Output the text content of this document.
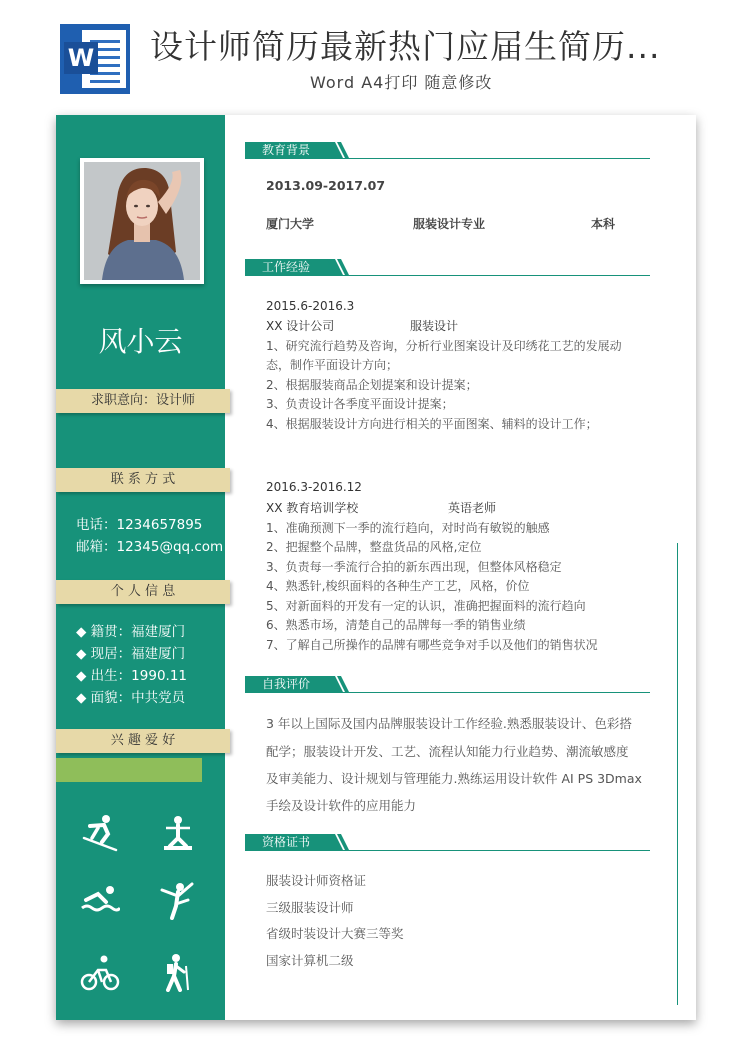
W 设计师简历最新热门应届生简历...
Word A4打印 随意修改
风小云
求职意向：设计师
联 系 方 式
电话：1234657895
邮箱：12345@qq.com
个 人 信 息
◆ 籍贯：福建厦门
◆ 现居：福建厦门
◆ 出生：1990.11
◆ 面貌：中共党员
兴 趣 爱 好
教育背景
2013.09-2017.07
厦门大学	服装设计专业	本科
工作经验
2015.6-2016.3
XX 设计公司	服装设计
1、研究流行趋势及咨询，分析行业图案设计及印绣花工艺的发展动
态，制作平面设计方向；
2、根据服装商品企划提案和设计提案；
3、负责设计各季度平面设计提案；
4、根据服装设计方向进行相关的平面图案、辅料的设计工作；
2016.3-2016.12
XX 教育培训学校	英语老师
1、准确预测下一季的流行趋向，对时尚有敏锐的触感
2、把握整个品牌，整盘货品的风格,定位
3、负责每一季流行合拍的新东西出现，但整体风格稳定
4、熟悉针,梭织面料的各种生产工艺，风格，价位
5、对新面料的开发有一定的认识，准确把握面料的流行趋向
6、熟悉市场，清楚自己的品牌每一季的销售业绩
7、了解自己所操作的品牌有哪些竞争对手以及他们的销售状况
自我评价
3 年以上国际及国内品牌服装设计工作经验.熟悉服装设计、色彩搭
配学；服装设计开发、工艺、流程认知能力行业趋势、潮流敏感度
及审美能力、设计规划与管理能力.熟练运用设计软件 AI PS 3Dmax
手绘及设计软件的应用能力
资格证书
服装设计师资格证
三级服装设计师
省级时装设计大赛三等奖
国家计算机二级
